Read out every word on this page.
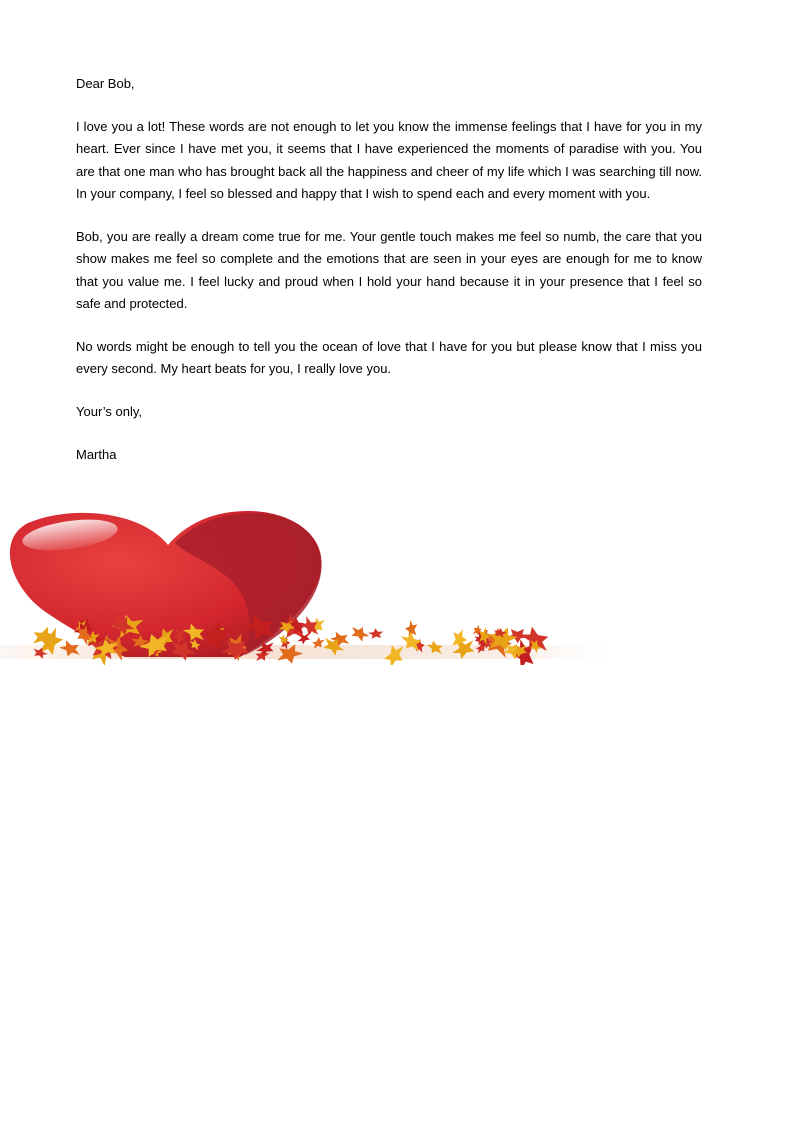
Dear Bob,

I love you a lot! These words are not enough to let you know the immense feelings that I have for you in my heart. Ever since I have met you, it seems that I have experienced the moments of paradise with you. You are that one man who has brought back all the happiness and cheer of my life which I was searching till now. In your company, I feel so blessed and happy that I wish to spend each and every moment with you.

Bob, you are really a dream come true for me. Your gentle touch makes me feel so numb, the care that you show makes me feel so complete and the emotions that are seen in your eyes are enough for me to know that you value me. I feel lucky and proud when I hold your hand because it in your presence that I feel so safe and protected.

No words might be enough to tell you the ocean of love that I have for you but please know that I miss you every second. My heart beats for you, I really love you.

Your’s only,

Martha
